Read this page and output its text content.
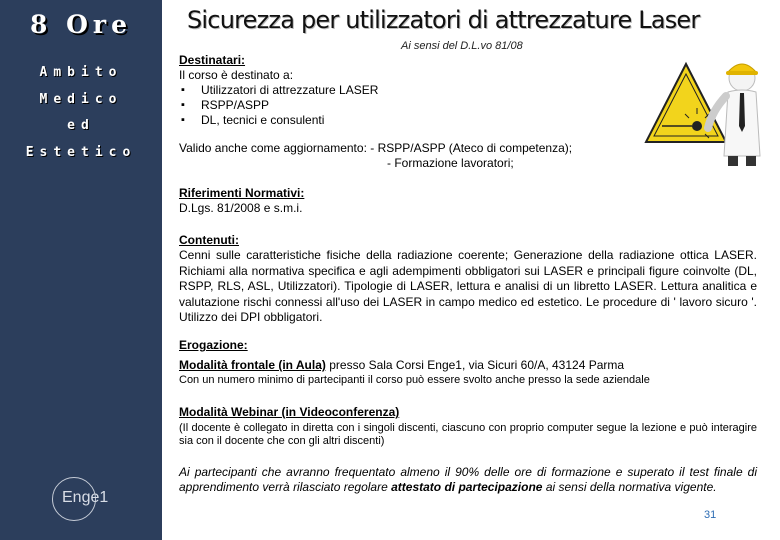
8 Ore
Ambito
Medico
ed
Estetico
Enge1
Sicurezza per utilizzatori di attrezzature Laser
Ai sensi del D.L.vo 81/08
Destinatari:
Il corso è destinato a:
▪ Utilizzatori di attrezzature LASER
▪ RSPP/ASPP
▪ DL, tecnici e consulenti
Valido anche come aggiornamento: - RSPP/ASPP (Ateco di competenza);
- Formazione lavoratori;
Riferimenti Normativi:
D.Lgs. 81/2008 e s.m.i.
Contenuti:
Cenni sulle caratteristiche fisiche della radiazione coerente; Generazione della radiazione ottica LASER. Richiami alla normativa specifica e agli adempimenti obbligatori sui LASER e principali figure coinvolte (DL, RSPP, RLS, ASL, Utilizzatori). Tipologie di LASER, lettura e analisi di un libretto LASER. Lettura analitica e valutazione rischi connessi all'uso dei LASER in campo medico ed estetico. Le procedure di ' lavoro sicuro '. Utilizzo dei DPI obbligatori.
Erogazione:
Modalità frontale (in Aula) presso Sala Corsi Enge1, via Sicuri 60/A, 43124 Parma
Con un numero minimo di partecipanti il corso può essere svolto anche presso la sede aziendale
Modalità Webinar (in Videoconferenza)
(Il docente è collegato in diretta con i singoli discenti, ciascuno con proprio computer segue la lezione e può interagire sia con il docente che con gli altri discenti)
Ai partecipanti che avranno frequentato almeno il 90% delle ore di formazione e superato il test finale di apprendimento verrà rilasciato regolare attestato di partecipazione ai sensi della normativa vigente.
31
